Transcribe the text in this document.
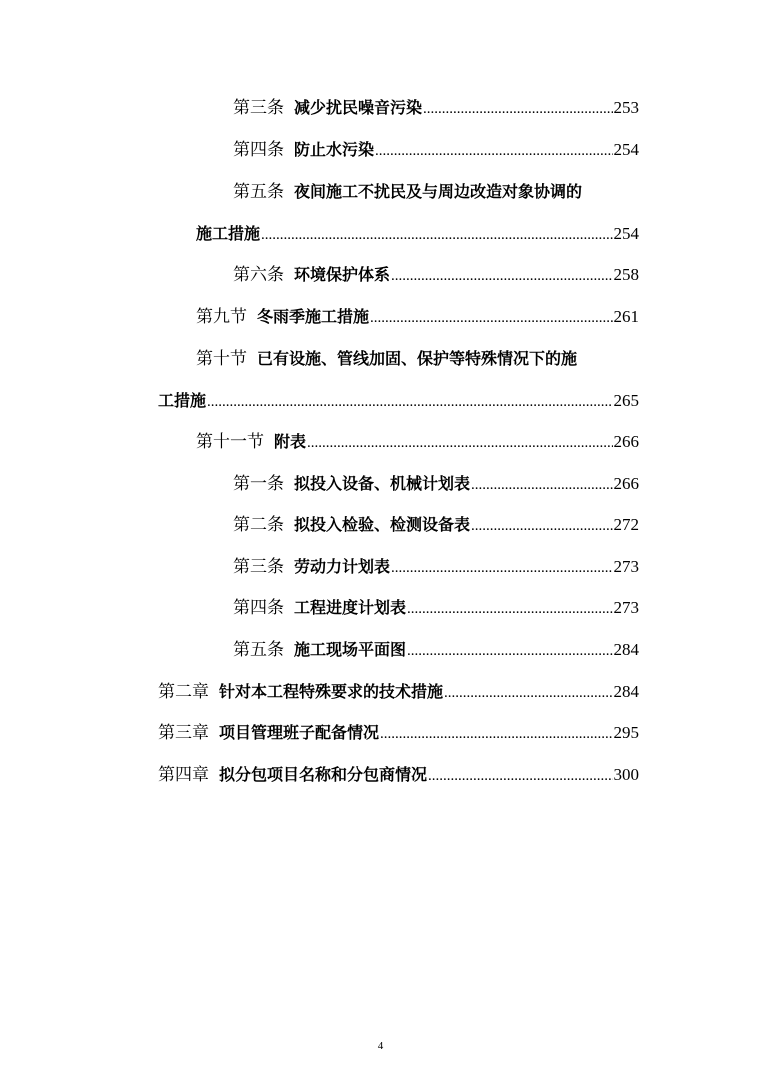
第三条 减少扰民噪音污染 .....	253
第四条 防止水污染 .....	254
第五条 夜间施工不扰民及与周边改造对象协调的
施工措施 .....	254
第六条 环境保护体系 .....	258
第九节 冬雨季施工措施 .....	261
第十节 已有设施、管线加固、保护等特殊情况下的施
工措施 .....	265
第十一节 附表 .....	266
第一条 拟投入设备、机械计划表 .....	266
第二条 拟投入检验、检测设备表 .....	272
第三条 劳动力计划表 .....	273
第四条 工程进度计划表 .....	273
第五条 施工现场平面图 .....	284
第二章 针对本工程特殊要求的技术措施 .....	284
第三章 项目管理班子配备情况 .....	295
第四章 拟分包项目名称和分包商情况 .....	300
4
